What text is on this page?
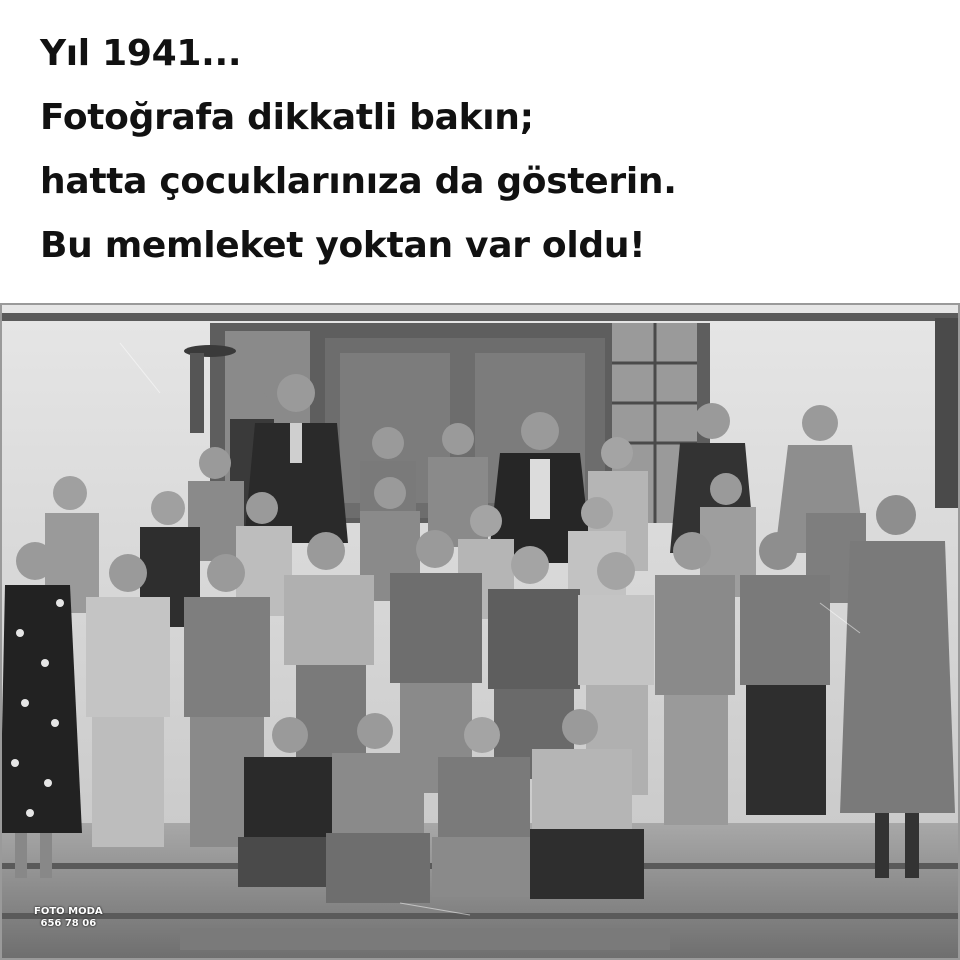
Yıl 1941...
Fotoğrafa dikkatli bakın;
hatta çocuklarınıza da gösterin.
Bu memleket yoktan var oldu!
FOTO MODA
656 78 06
